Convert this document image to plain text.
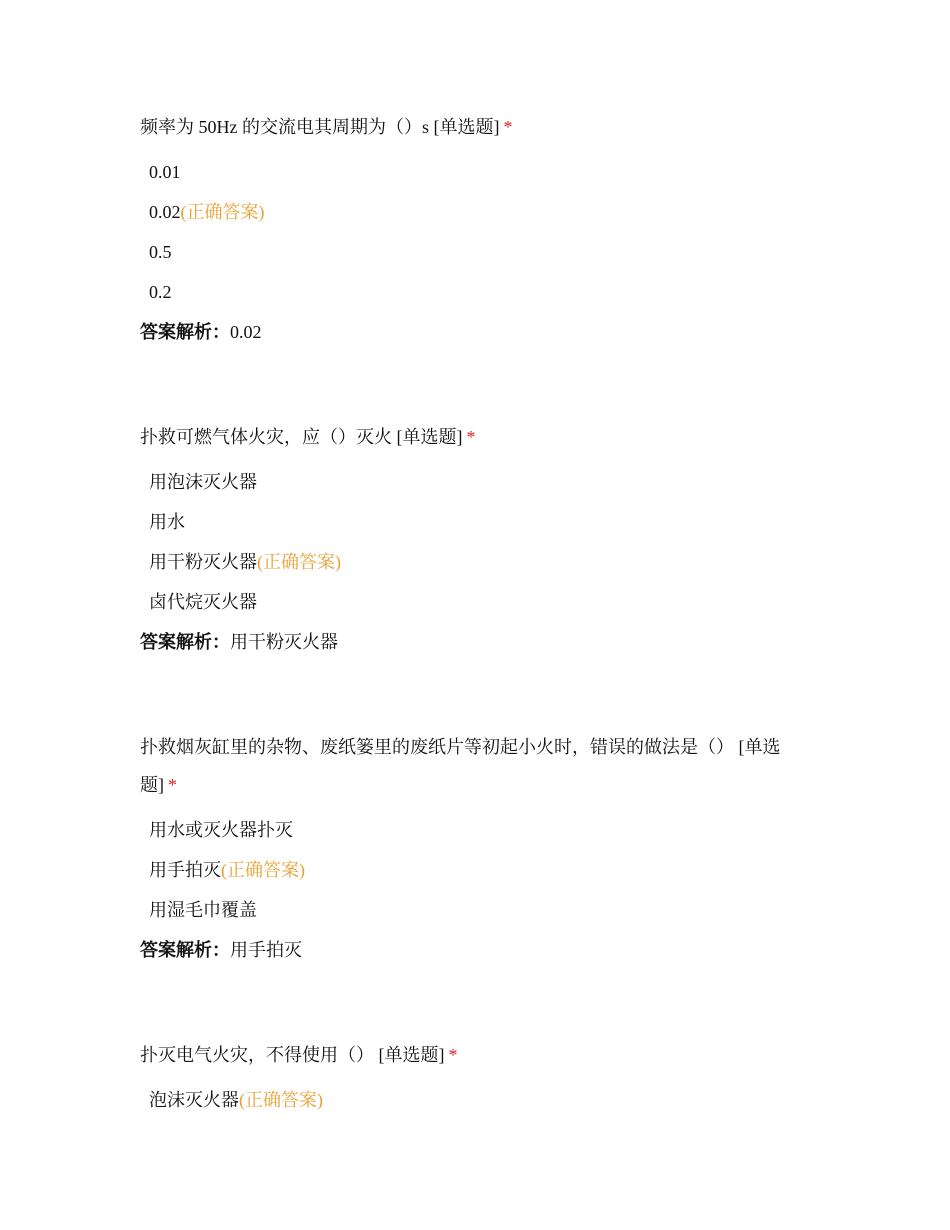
频率为 50Hz 的交流电其周期为（）s [单选题] *

0.01
0.02(正确答案)
0.5
0.2
答案解析：0.02

扑救可燃气体火灾，应（）灭火 [单选题] *

用泡沫灭火器
用水
用干粉灭火器(正确答案)
卤代烷灭火器
答案解析：用干粉灭火器

扑救烟灰缸里的杂物、废纸篓里的废纸片等初起小火时，错误的做法是（） [单选题] *

用水或灭火器扑灭
用手拍灭(正确答案)
用湿毛巾覆盖
答案解析：用手拍灭

扑灭电气火灾，不得使用（） [单选题] *

泡沫灭火器(正确答案)
